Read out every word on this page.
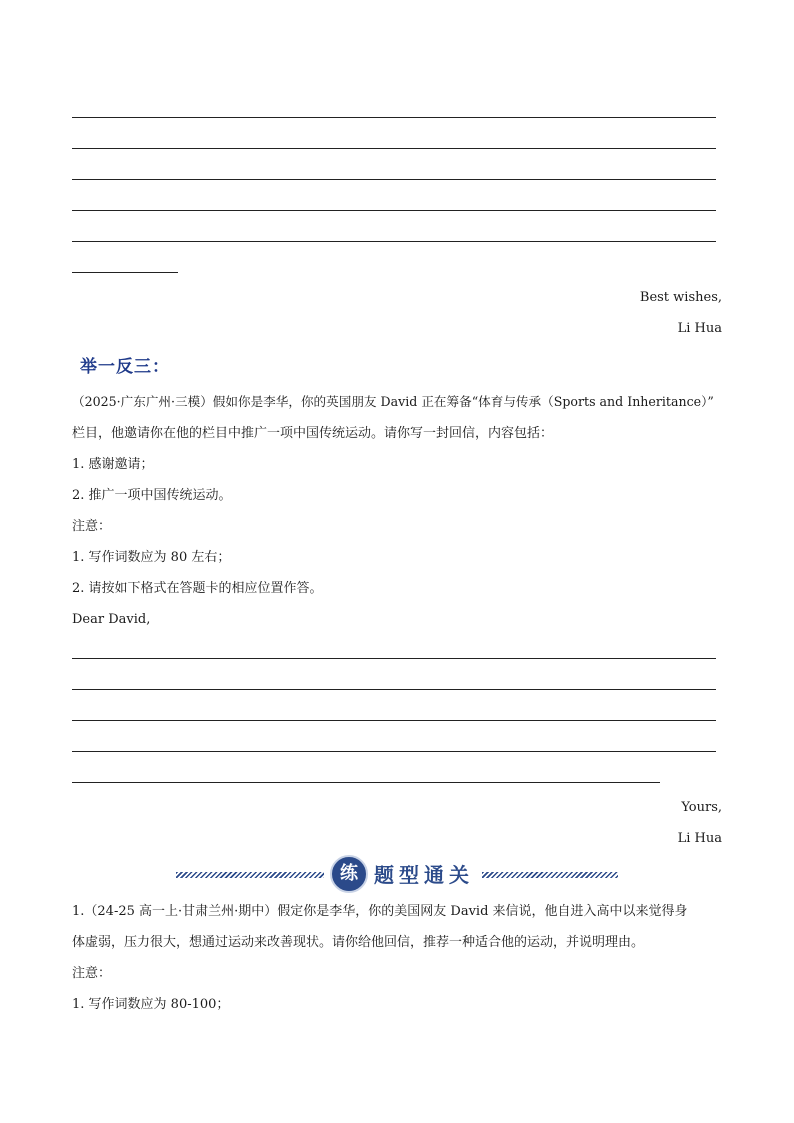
Best wishes,
Li Hua
举一反三：
（2025·广东广州·三模）假如你是李华，你的英国朋友 David 正在筹备“体育与传承（Sports and Inheritance）”
栏目，他邀请你在他的栏目中推广一项中国传统运动。请你写一封回信，内容包括：
1. 感谢邀请；
2. 推广一项中国传统运动。
注意：
1. 写作词数应为 80 左右；
2. 请按如下格式在答题卡的相应位置作答。
Dear David,
Yours,
Li Hua
练 题型通关
1.（24-25 高一上·甘肃兰州·期中）假定你是李华，你的美国网友 David 来信说，他自进入高中以来觉得身
体虚弱，压力很大，想通过运动来改善现状。请你给他回信，推荐一种适合他的运动，并说明理由。
注意：
1. 写作词数应为 80-100；
